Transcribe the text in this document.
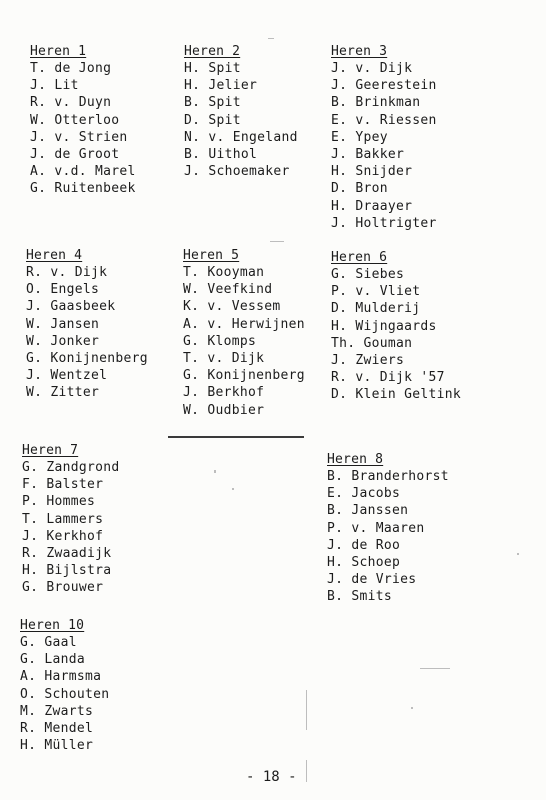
Heren 1
T. de Jong
J. Lit
R. v. Duyn
W. Otterloo
J. v. Strien
J. de Groot
A. v.d. Marel
G. Ruitenbeek
Heren 2
H. Spit
H. Jelier
B. Spit
D. Spit
N. v. Engeland
B. Uithol
J. Schoemaker
Heren 3
J. v. Dijk
J. Geerestein
B. Brinkman
E. v. Riessen
E. Ypey
J. Bakker
H. Snijder
D. Bron
H. Draayer
J. Holtrigter
Heren 4
R. v. Dijk
O. Engels
J. Gaasbeek
W. Jansen
W. Jonker
G. Konijnenberg
J. Wentzel
W. Zitter
Heren 5
T. Kooyman
W. Veefkind
K. v. Vessem
A. v. Herwijnen
G. Klomps
T. v. Dijk
G. Konijnenberg
J. Berkhof
W. Oudbier
Heren 6
G. Siebes
P. v. Vliet
D. Mulderij
H. Wijngaards
Th. Gouman
J. Zwiers
R. v. Dijk '57
D. Klein Geltink
Heren 7
G. Zandgrond
F. Balster
P. Hommes
T. Lammers
J. Kerkhof
R. Zwaadijk
H. Bijlstra
G. Brouwer
Heren 8
B. Branderhorst
E. Jacobs
B. Janssen
P. v. Maaren
J. de Roo
H. Schoep
J. de Vries
B. Smits
Heren 10
G. Gaal
G. Landa
A. Harmsma
O. Schouten
M. Zwarts
R. Mendel
H. Müller
- 18 -
